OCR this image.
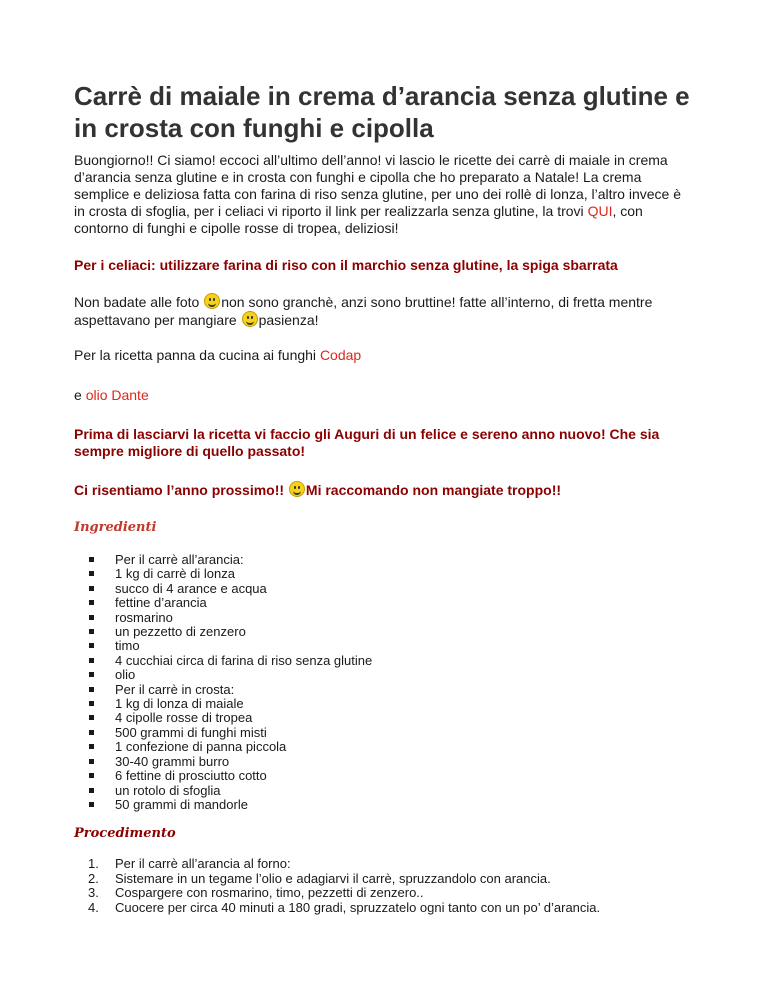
Carrè di maiale in crema d’arancia senza glutine e in crosta con funghi e cipolla

Buongiorno!! Ci siamo! eccoci all’ultimo dell’anno! vi lascio le ricette dei carrè di maiale in crema d’arancia senza glutine e in crosta con funghi e cipolla che ho preparato a Natale! La crema semplice e deliziosa fatta con farina di riso senza glutine, per uno dei rollè di lonza, l’altro invece è in crosta di sfoglia, per i celiaci vi riporto il link per realizzarla senza glutine, la trovi QUI, con contorno di funghi e cipolle rosse di tropea, deliziosi!

Per i celiaci: utilizzare farina di riso con il marchio senza glutine, la spiga sbarrata

Non badate alle foto
non sono granchè, anzi sono bruttine! fatte all’interno, di fretta mentre aspettavano per mangiare
pasienza!

Per la ricetta panna da cucina ai funghi Codap

e olio Dante

Prima di lasciarvi la ricetta vi faccio gli Auguri di un felice e sereno anno nuovo! Che sia sempre migliore di quello passato!

Ci risentiamo l’anno prossimo!!
Mi raccomando non mangiate troppo!!

Ingredienti
Per il carrè all’arancia:
1 kg di carrè di lonza
succo di 4 arance e acqua
fettine d’arancia
rosmarino
un pezzetto di zenzero
timo
4 cucchiai circa di farina di riso senza glutine
olio
Per il carrè in crosta:
1 kg di lonza di maiale
4 cipolle rosse di tropea
500 grammi di funghi misti
1 confezione di panna piccola
30-40 grammi burro
6 fettine di prosciutto cotto
un rotolo di sfoglia
50 grammi di mandorle
Procedimento
1. Per il carrè all’arancia al forno:
2. Sistemare in un tegame l’olio e adagiarvi il carrè, spruzzandolo con arancia.
3. Cospargere con rosmarino, timo, pezzetti di zenzero..
4. Cuocere per circa 40 minuti a 180 gradi, spruzzatelo ogni tanto con un po’ d’arancia.
